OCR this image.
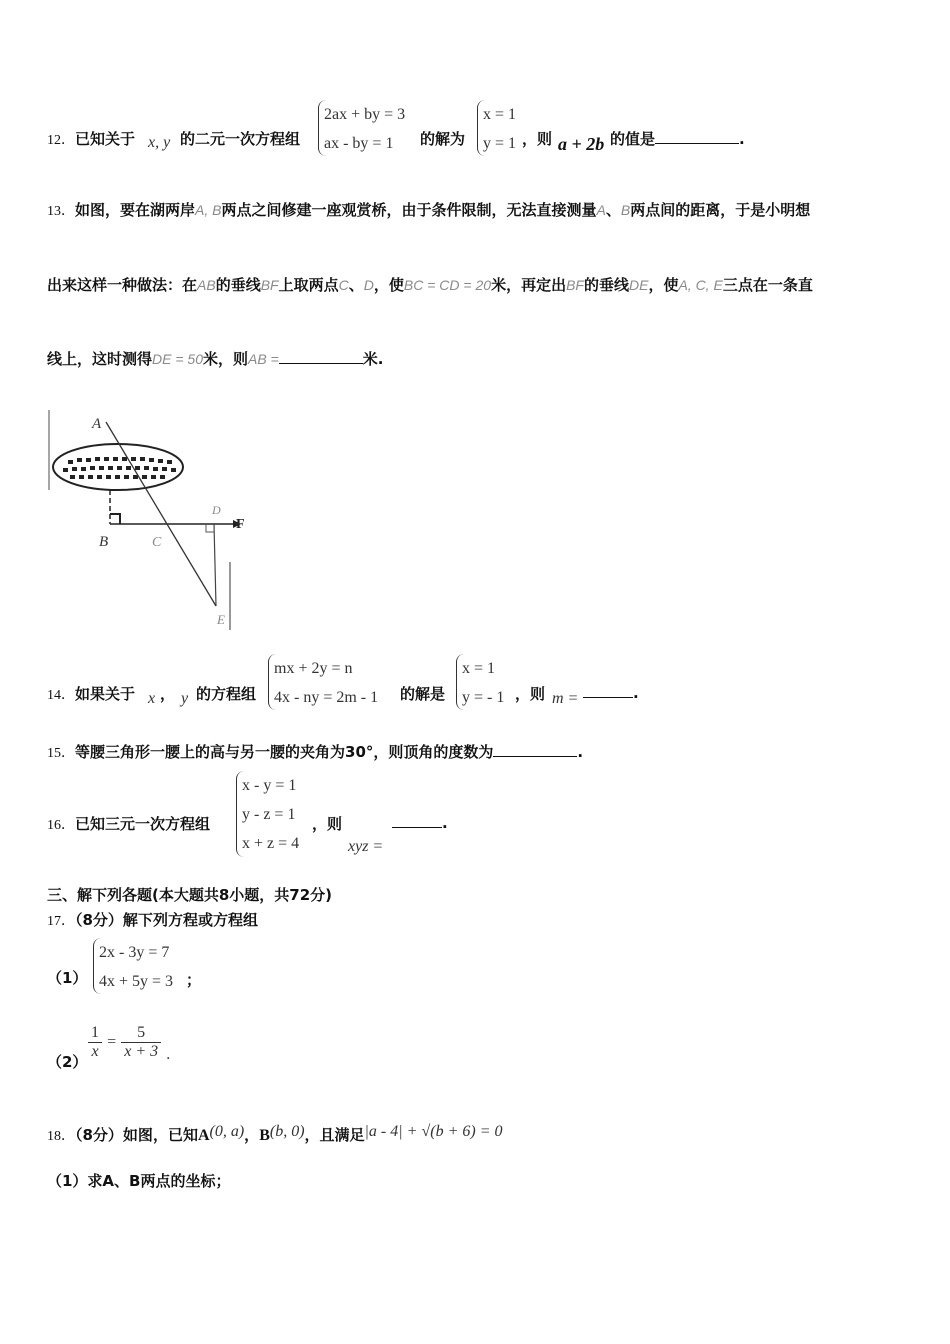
12．已知关于 x, y 的二元一次方程组
2ax + by = 3
ax - by = 1	的解为
x = 1
y = 1 ，则 a + 2b 的值是	.
13．如图，要在湖两岸A, B两点之间修建一座观赏桥，由于条件限制，无法直接测量A、B两点间的距离，于是小明想
出来这样一种做法：在AB的垂线BF上取两点C、D，使BC = CD = 20米，再定出BF的垂线DE，使A, C, E三点在一条直
线上，这时测得DE = 50米，则AB =	米.
A
B	C
D
E
F
14．如果关于 x ， y 的方程组
mx + 2y = n
4x - ny = 2m - 1 的解是
x = 1
y = - 1 ，则 m =	.
15．等腰三角形一腰上的高与另一腰的夹角为30°，则顶角的度数为	.
16．已知三元一次方程组
x - y = 1
y - z = 1
x + z = 4
，则
xyz =
.
三、解下列各题(本大题共8小题，共72分)
17．（8分）解下列方程或方程组
（1）
2x - 3y = 7
4x + 5y = 3 ；
（2）
$\frac{1}{x} = \frac{5}{x + 3}$ .
18．（8分）如图，已知A(0, a)，B(b, 0)，且满足|a - 4| + √(b + 6) = 0
（1）求A、B两点的坐标；
